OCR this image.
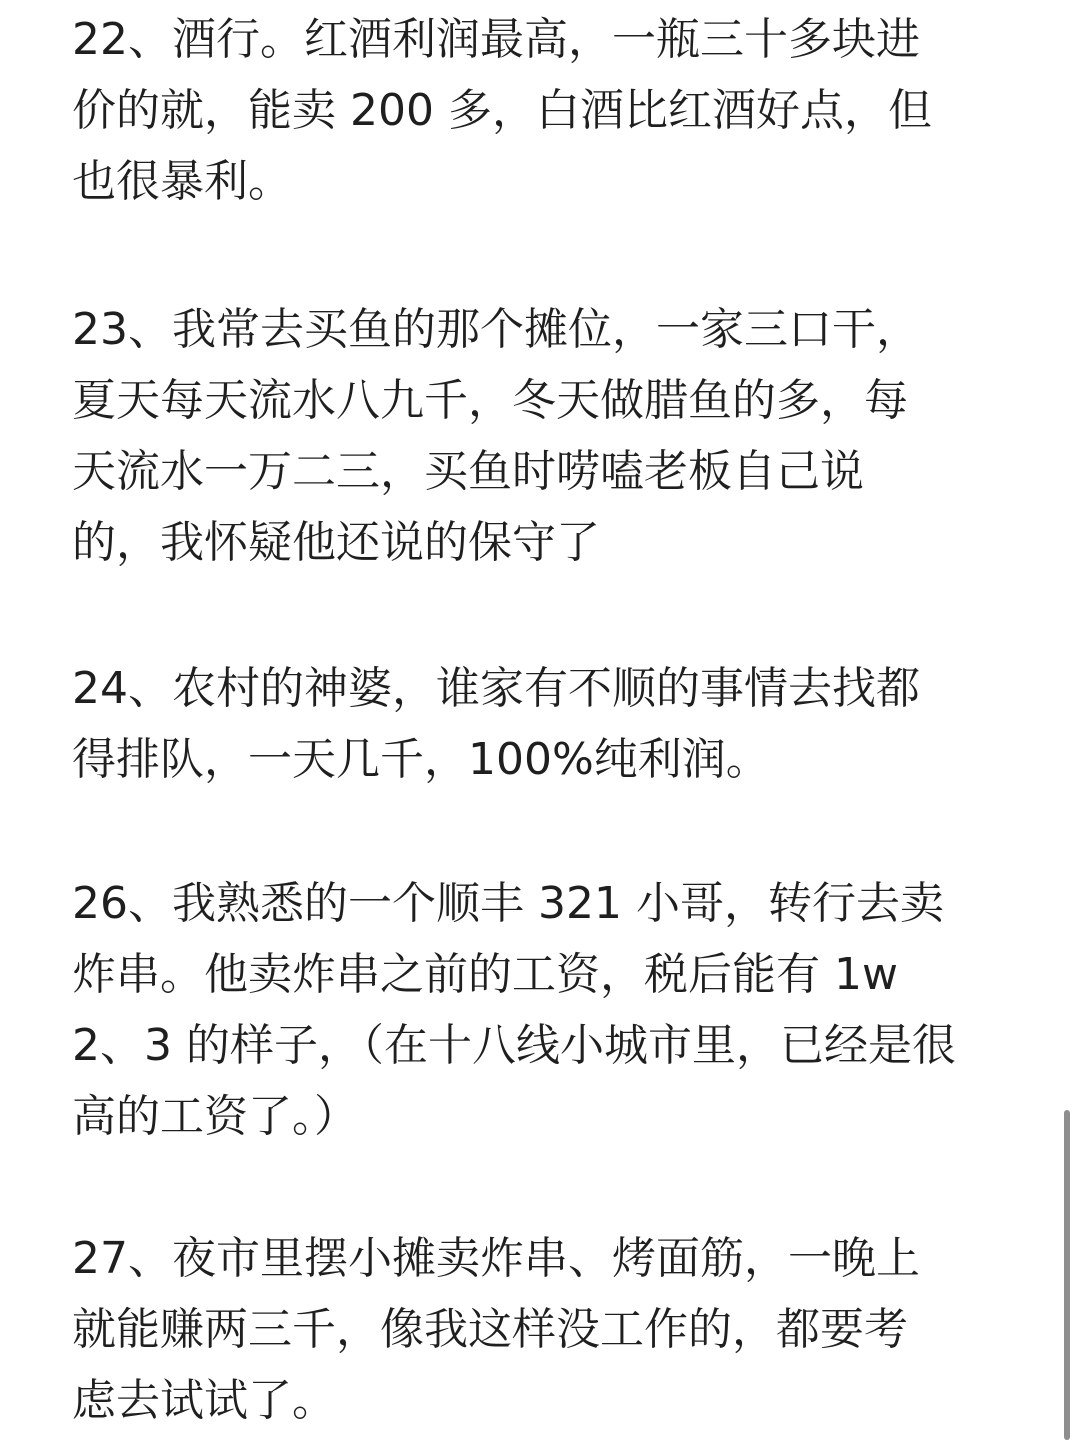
22、酒行。红酒利润最高，一瓶三十多块进
价的就，能卖 200 多，白酒比红酒好点，但
也很暴利。

23、我常去买鱼的那个摊位，一家三口干，
夏天每天流水八九千，冬天做腊鱼的多，每
天流水一万二三，买鱼时唠嗑老板自己说
的，我怀疑他还说的保守了

24、农村的神婆，谁家有不顺的事情去找都
得排队，一天几千，100%纯利润。

26、我熟悉的一个顺丰 321 小哥，转行去卖
炸串。他卖炸串之前的工资，税后能有 1w
2、3 的样子，（在十八线小城市里，已经是很
高的工资了。）

27、夜市里摆小摊卖炸串、烤面筋，一晚上
就能赚两三千，像我这样没工作的，都要考
虑去试试了。
